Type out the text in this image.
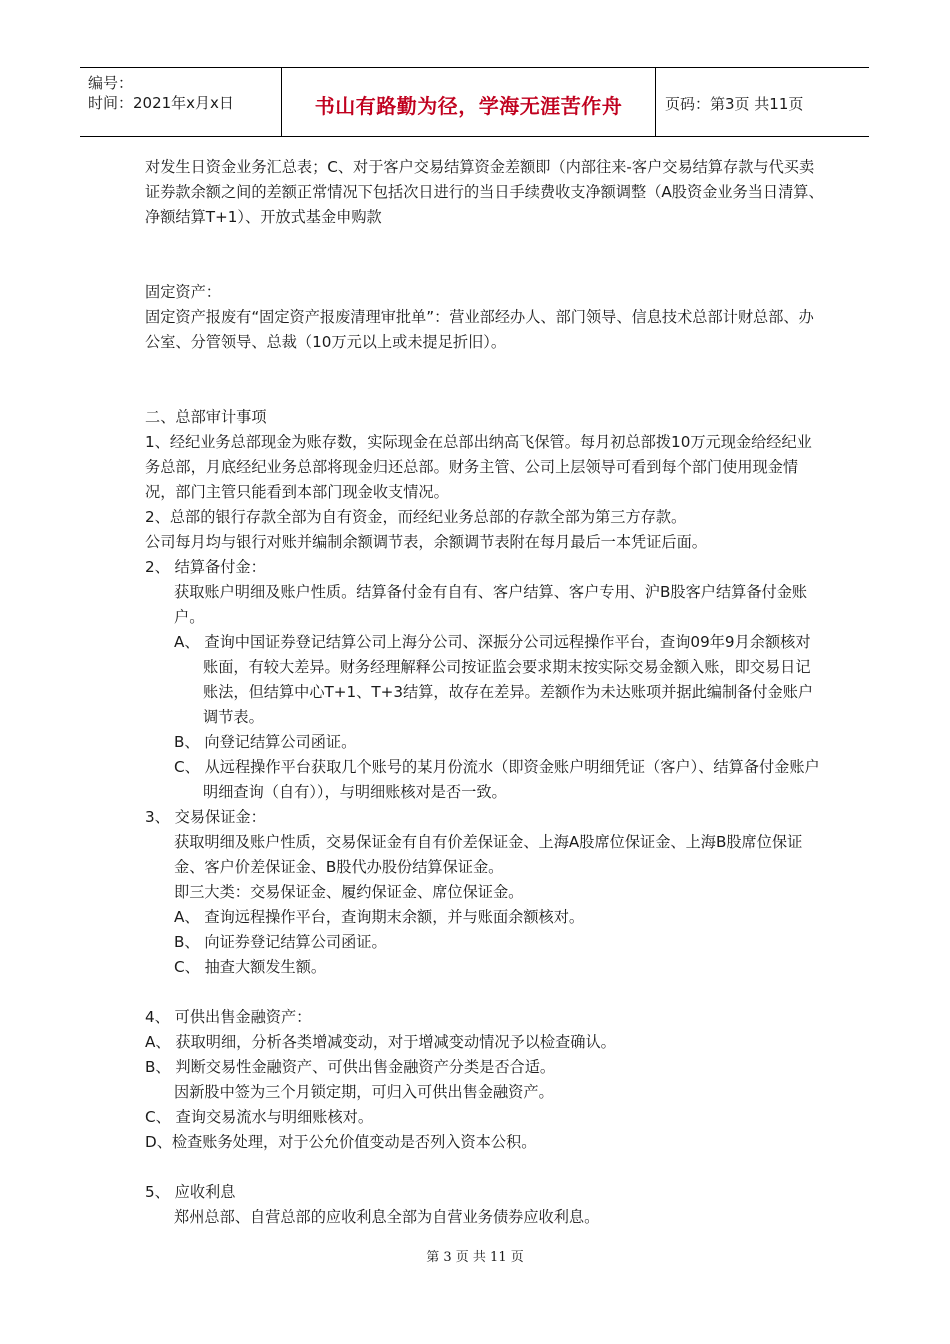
编号：
时间：2021年x月x日	书山有路勤为径，学海无涯苦作舟	页码：第3页 共11页

对发生日资金业务汇总表；C、对于客户交易结算资金差额即（内部往来-客户交易结算存款与代买卖证券款余额之间的差额正常情况下包括次日进行的当日手续费收支净额调整（A股资金业务当日清算、净额结算T+1）、开放式基金申购款

固定资产：

固定资产报废有“固定资产报废清理审批单”：营业部经办人、部门领导、信息技术总部计财总部、办公室、分管领导、总裁（10万元以上或未提足折旧）。

二、总部审计事项

1、经纪业务总部现金为账存数，实际现金在总部出纳高飞保管。每月初总部拨10万元现金给经纪业务总部，月底经纪业务总部将现金归还总部。财务主管、公司上层领导可看到每个部门使用现金情况，部门主管只能看到本部门现金收支情况。

2、总部的银行存款全部为自有资金，而经纪业务总部的存款全部为第三方存款。

公司每月均与银行对账并编制余额调节表，余额调节表附在每月最后一本凭证后面。

2、 结算备付金：

获取账户明细及账户性质。结算备付金有自有、客户结算、客户专用、沪B股客户结算备付金账户。

A、 查询中国证券登记结算公司上海分公司、深振分公司远程操作平台，查询09年9月余额核对账面，有较大差异。财务经理解释公司按证监会要求期末按实际交易金额入账，即交易日记账法，但结算中心T+1、T+3结算，故存在差异。差额作为未达账项并据此编制备付金账户调节表。

B、 向登记结算公司函证。

C、 从远程操作平台获取几个账号的某月份流水（即资金账户明细凭证（客户）、结算备付金账户明细查询（自有）），与明细账核对是否一致。

3、 交易保证金：

获取明细及账户性质，交易保证金有自有价差保证金、上海A股席位保证金、上海B股席位保证金、客户价差保证金、B股代办股份结算保证金。

即三大类：交易保证金、履约保证金、席位保证金。

A、 查询远程操作平台，查询期末余额，并与账面余额核对。

B、 向证券登记结算公司函证。

C、 抽查大额发生额。

4、 可供出售金融资产：

A、 获取明细，分析各类增减变动，对于增减变动情况予以检查确认。

B、 判断交易性金融资产、可供出售金融资产分类是否合适。

因新股中签为三个月锁定期，可归入可供出售金融资产。

C、 查询交易流水与明细账核对。

D、检查账务处理，对于公允价值变动是否列入资本公积。

5、 应收利息

郑州总部、自营总部的应收利息全部为自营业务债券应收利息。

第 3 页 共 11 页
